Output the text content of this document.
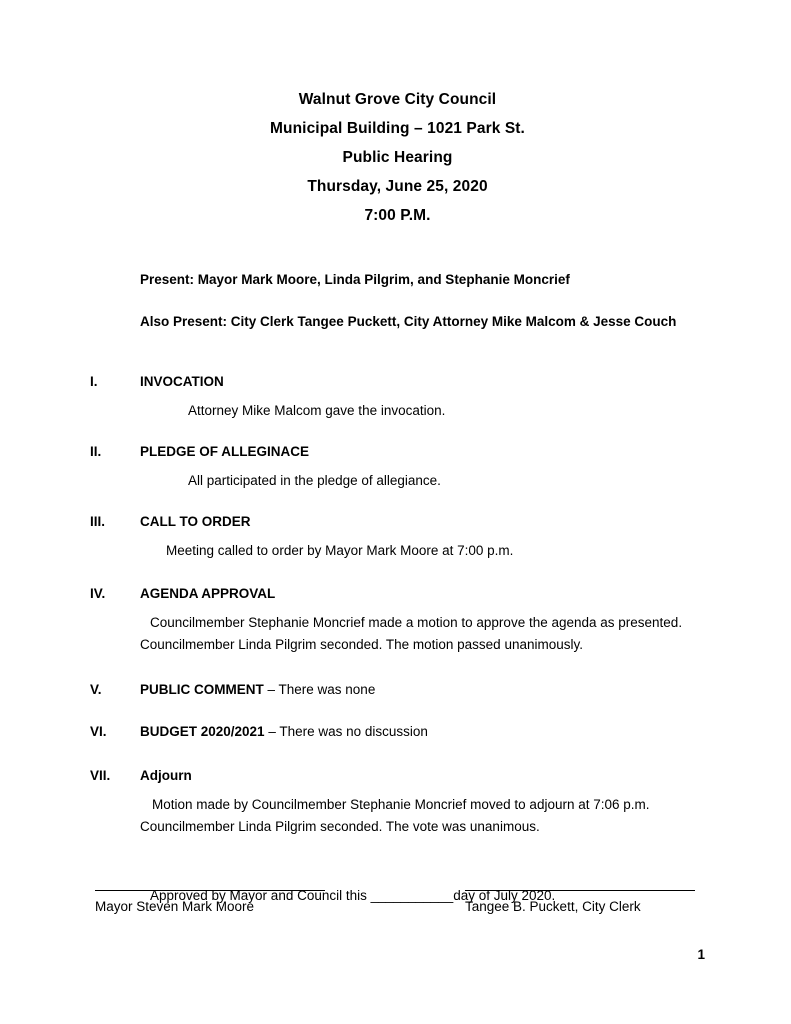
Walnut Grove City Council
Municipal Building – 1021 Park St.
Public Hearing
Thursday, June 25, 2020
7:00 P.M.
Present: Mayor Mark Moore, Linda Pilgrim, and Stephanie Moncrief
Also Present: City Clerk Tangee Puckett, City Attorney Mike Malcom & Jesse Couch
I.	INVOCATION
Attorney Mike Malcom gave the invocation.
II.	PLEDGE OF ALLEGINACE
All participated in the pledge of allegiance.
III.	CALL TO ORDER
Meeting called to order by Mayor Mark Moore at 7:00 p.m.
IV.	AGENDA APPROVAL
Councilmember Stephanie Moncrief made a motion to approve the agenda as presented.
Councilmember Linda Pilgrim seconded. The motion passed unanimously.
V.	PUBLIC COMMENT – There was none
VI.	BUDGET 2020/2021 – There was no discussion
VII.	Adjourn
Motion made by Councilmember Stephanie Moncrief moved to adjourn at 7:06 p.m.
Councilmember Linda Pilgrim seconded. The vote was unanimous.
Approved by Mayor and Council this ___________day of July 2020.
Mayor Steven Mark Moore	Tangee B. Puckett, City Clerk
1
